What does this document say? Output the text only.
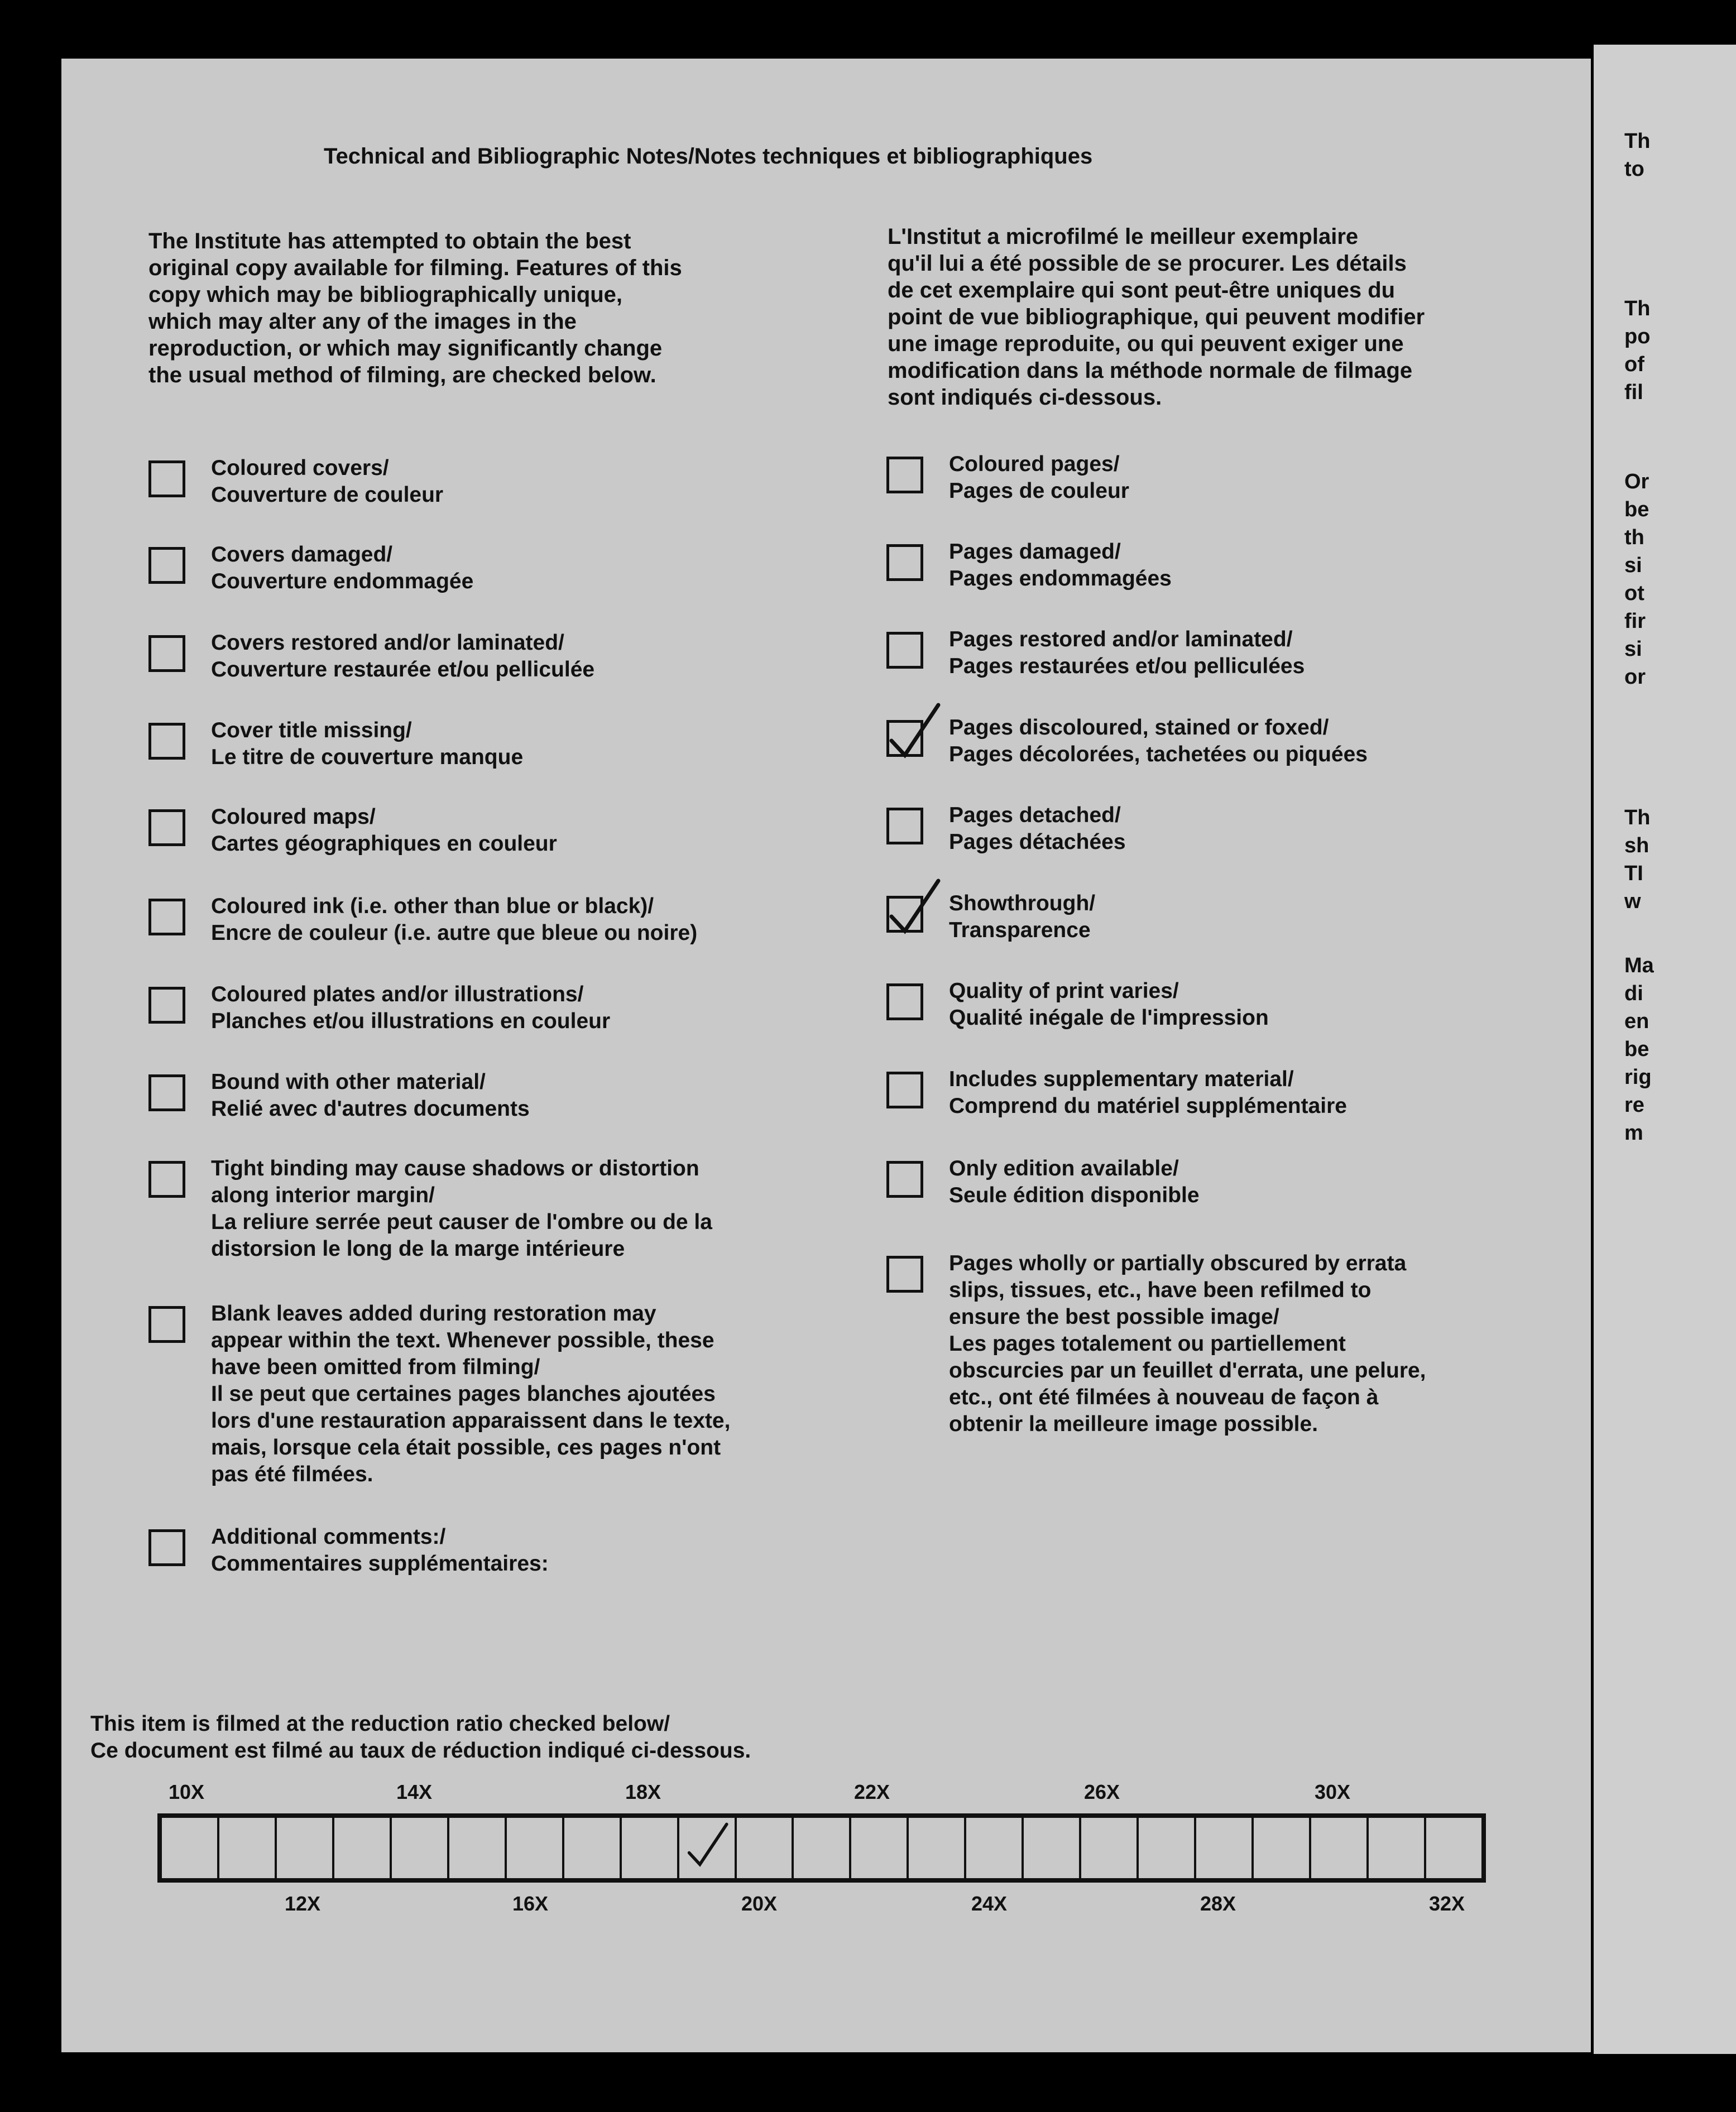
Technical and Bibliographic Notes/Notes techniques et bibliographiques
The Institute has attempted to obtain the best
original copy available for filming. Features of this
copy which may be bibliographically unique,
which may alter any of the images in the
reproduction, or which may significantly change
the usual method of filming, are checked below.
L'Institut a microfilmé le meilleur exemplaire
qu'il lui a été possible de se procurer. Les détails
de cet exemplaire qui sont peut-être uniques du
point de vue bibliographique, qui peuvent modifier
une image reproduite, ou qui peuvent exiger une
modification dans la méthode normale de filmage
sont indiqués ci-dessous.
Coloured covers/
Couverture de couleur
Covers damaged/
Couverture endommagée
Covers restored and/or laminated/
Couverture restaurée et/ou pelliculée
Cover title missing/
Le titre de couverture manque
Coloured maps/
Cartes géographiques en couleur
Coloured ink (i.e. other than blue or black)/
Encre de couleur (i.e. autre que bleue ou noire)
Coloured plates and/or illustrations/
Planches et/ou illustrations en couleur
Bound with other material/
Relié avec d'autres documents
Tight binding may cause shadows or distortion
along interior margin/
La reliure serrée peut causer de l'ombre ou de la
distorsion le long de la marge intérieure
Blank leaves added during restoration may
appear within the text. Whenever possible, these
have been omitted from filming/
Il se peut que certaines pages blanches ajoutées
lors d'une restauration apparaissent dans le texte,
mais, lorsque cela était possible, ces pages n'ont
pas été filmées.
Additional comments:/
Commentaires supplémentaires:
Coloured pages/
Pages de couleur
Pages damaged/
Pages endommagées
Pages restored and/or laminated/
Pages restaurées et/ou pelliculées
Pages discoloured, stained or foxed/
Pages décolorées, tachetées ou piquées
Pages detached/
Pages détachées
Showthrough/
Transparence
Quality of print varies/
Qualité inégale de l'impression
Includes supplementary material/
Comprend du matériel supplémentaire
Only edition available/
Seule édition disponible
Pages wholly or partially obscured by errata
slips, tissues, etc., have been refilmed to
ensure the best possible image/
Les pages totalement ou partiellement
obscurcies par un feuillet d'errata, une pelure,
etc., ont été filmées à nouveau de façon à
obtenir la meilleure image possible.
This item is filmed at the reduction ratio checked below/
Ce document est filmé au taux de réduction indiqué ci-dessous.
10X	14X	18X	22X	26X	30X
12X	16X	20X	24X	28X	32X
Th
to
Th
po
of
fil
Or
be
th
si
ot
fir
si
or
Th
sh
TI
w
Ma
di
en
be
rig
re
m
